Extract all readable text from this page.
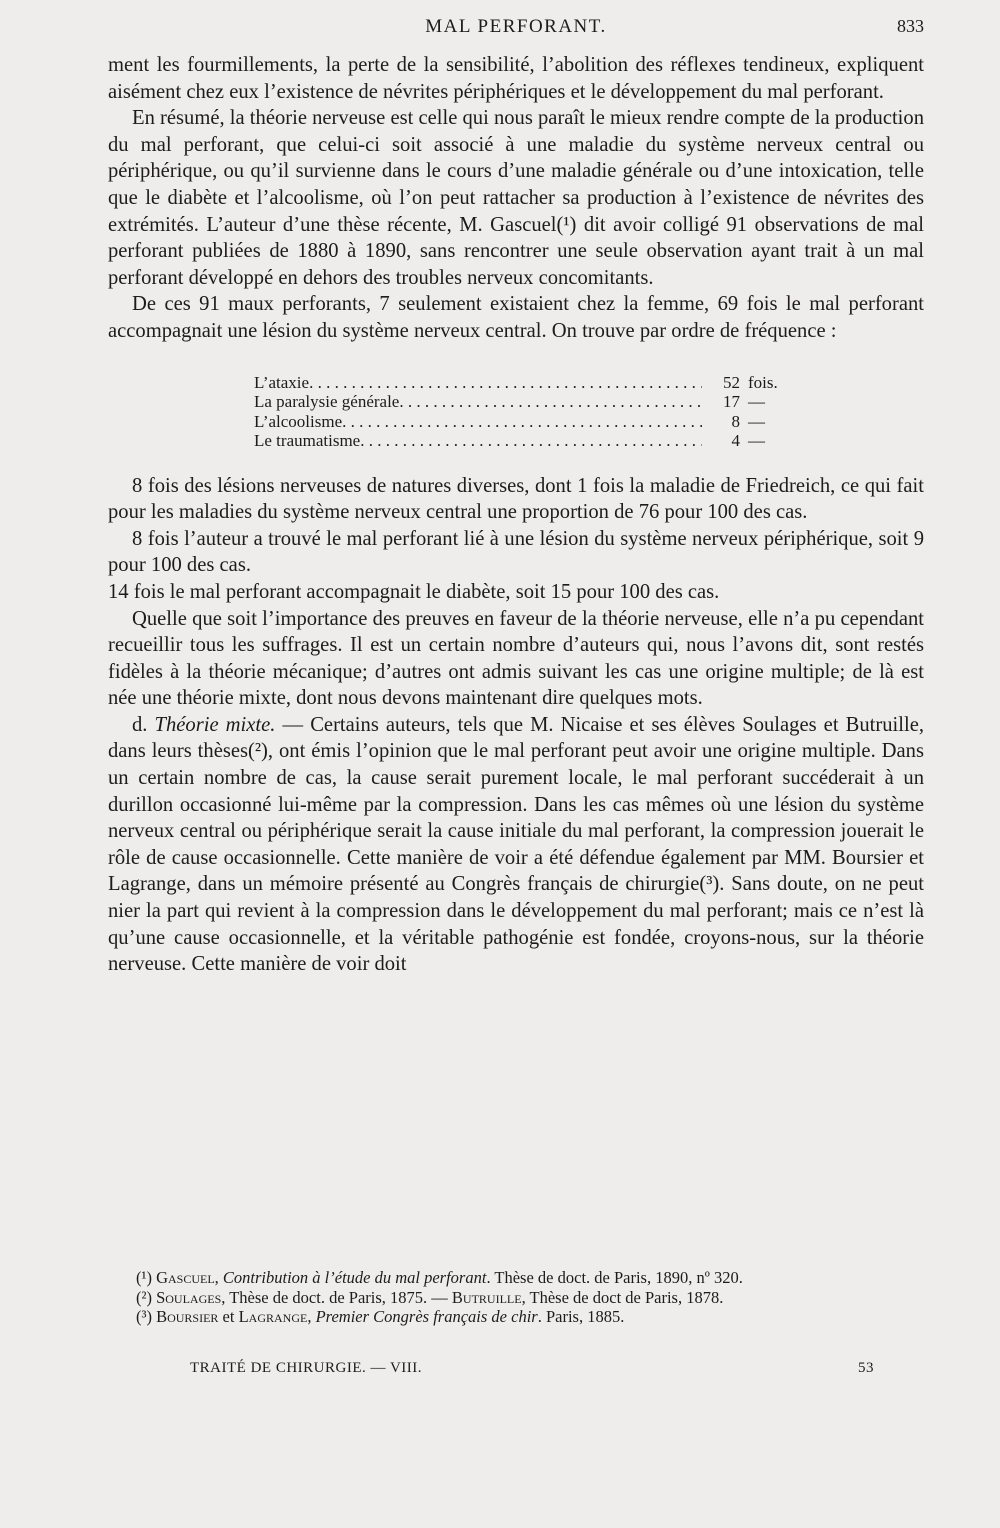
MAL PERFORANT.	833

ment les fourmillements, la perte de la sensibilité, l’abolition des réflexes tendineux, expliquent aisément chez eux l’existence de névrites périphériques et le développement du mal perforant.

En résumé, la théorie nerveuse est celle qui nous paraît le mieux rendre compte de la production du mal perforant, que celui-ci soit associé à une maladie du système nerveux central ou périphérique, ou qu’il survienne dans le cours d’une maladie générale ou d’une intoxication, telle que le diabète et l’alcoolisme, où l’on peut rattacher sa production à l’existence de névrites des extrémités. L’auteur d’une thèse récente, M. Gascuel(¹) dit avoir colligé 91 observations de mal perforant publiées de 1880 à 1890, sans rencontrer une seule observation ayant trait à un mal perforant développé en dehors des troubles nerveux concomitants.

De ces 91 maux perforants, 7 seulement existaient chez la femme, 69 fois le mal perforant accompagnait une lésion du système nerveux central. On trouve par ordre de fréquence :

L’ataxie . . .	52 fois.
La paralysie générale . . .	17 —
L’alcoolisme . . .	8 —
Le traumatisme . . .	4 —

8 fois des lésions nerveuses de natures diverses, dont 1 fois la maladie de Friedreich, ce qui fait pour les maladies du système nerveux central une proportion de 76 pour 100 des cas.

8 fois l’auteur a trouvé le mal perforant lié à une lésion du système nerveux périphérique, soit 9 pour 100 des cas.

14 fois le mal perforant accompagnait le diabète, soit 15 pour 100 des cas.

Quelle que soit l’importance des preuves en faveur de la théorie nerveuse, elle n’a pu cependant recueillir tous les suffrages. Il est un certain nombre d’auteurs qui, nous l’avons dit, sont restés fidèles à la théorie mécanique; d’autres ont admis suivant les cas une origine multiple; de là est née une théorie mixte, dont nous devons maintenant dire quelques mots.

d. Théorie mixte. — Certains auteurs, tels que M. Nicaise et ses élèves Soulages et Butruille, dans leurs thèses(²), ont émis l’opinion que le mal perforant peut avoir une origine multiple. Dans un certain nombre de cas, la cause serait purement locale, le mal perforant succéderait à un durillon occasionné lui-même par la compression. Dans les cas mêmes où une lésion du système nerveux central ou périphérique serait la cause initiale du mal perforant, la compression jouerait le rôle de cause occasionnelle. Cette manière de voir a été défendue également par MM. Boursier et Lagrange, dans un mémoire présenté au Congrès français de chirurgie(³). Sans doute, on ne peut nier la part qui revient à la compression dans le développement du mal perforant; mais ce n’est là qu’une cause occasionnelle, et la véritable pathogénie est fondée, croyons-nous, sur la théorie nerveuse. Cette manière de voir doit

(¹) Gascuel, Contribution à l’étude du mal perforant. Thèse de doct. de Paris, 1890, nº 320.

(²) Soulages, Thèse de doct. de Paris, 1875. — Butruille, Thèse de doct de Paris, 1878.

(³) Boursier et Lagrange, Premier Congrès français de chir. Paris, 1885.

TRAITÉ DE CHIRURGIE. — VIII.	53
